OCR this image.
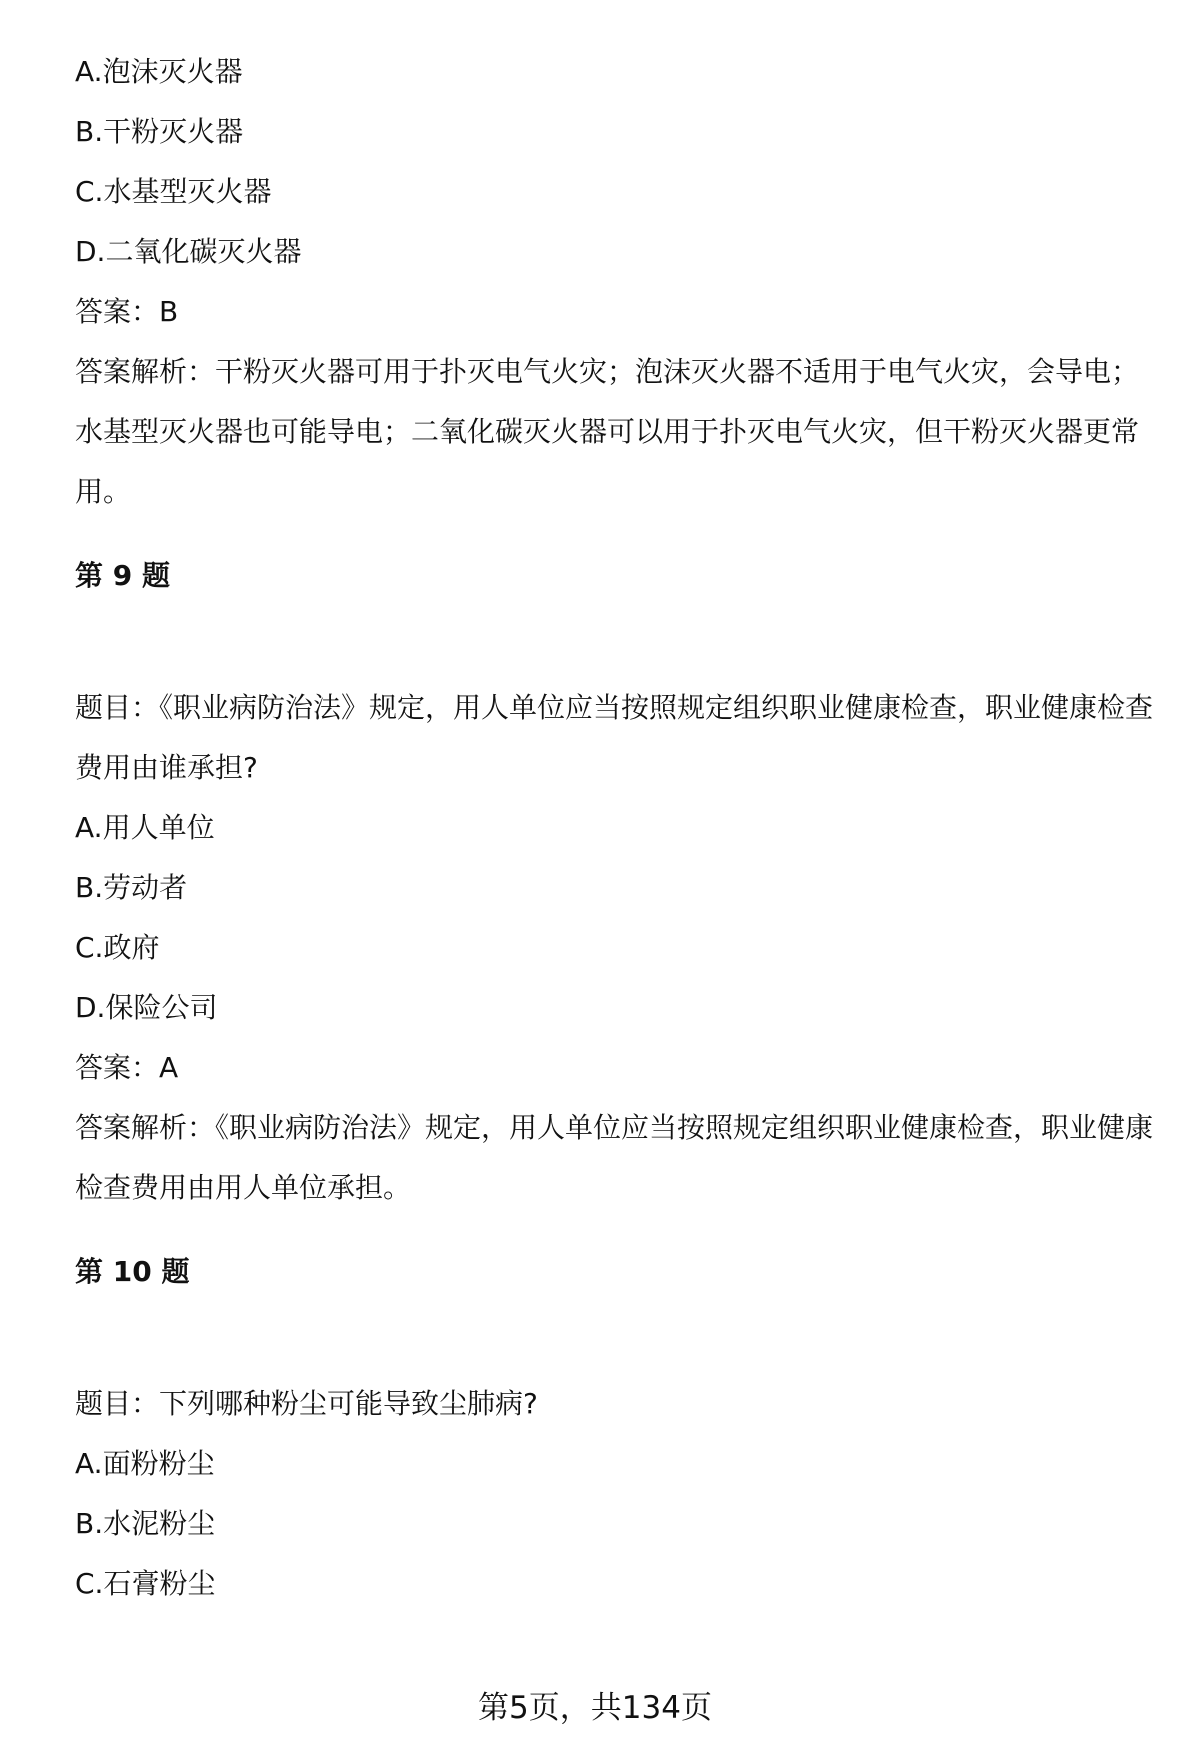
A.泡沫灭火器
B.干粉灭火器
C.水基型灭火器
D.二氧化碳灭火器
答案：B
答案解析：干粉灭火器可用于扑灭电气火灾；泡沫灭火器不适用于电气火灾，会导电；水基型灭火器也可能导电；二氧化碳灭火器可以用于扑灭电气火灾，但干粉灭火器更常用。
第 9 题
题目：《职业病防治法》规定，用人单位应当按照规定组织职业健康检查，职业健康检查费用由谁承担?
A.用人单位
B.劳动者
C.政府
D.保险公司
答案：A
答案解析：《职业病防治法》规定，用人单位应当按照规定组织职业健康检查，职业健康检查费用由用人单位承担。
第 10 题
题目：下列哪种粉尘可能导致尘肺病?
A.面粉粉尘
B.水泥粉尘
C.石膏粉尘
第5页，共134页
